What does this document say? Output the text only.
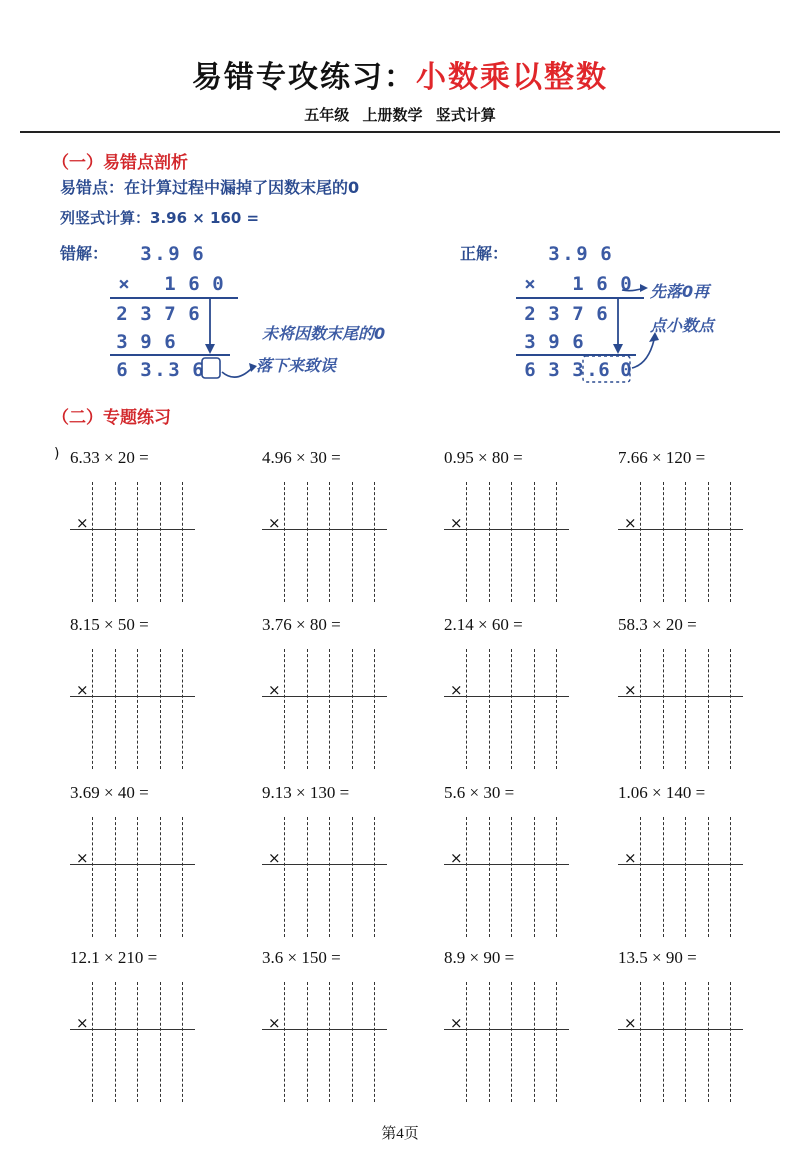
易错专攻练习：小数乘以整数
五年级 上册数学 竖式计算
（一）易错点剖析
易错点：在计算过程中漏掉了因数末尾的0
列竖式计算：3.96 × 160 =
错解：	3 . 9 6
×	1 6 0
2 3 7 6
3 9 6
6 3 . 3 6
未将因数末尾的0
落下来致误
正解：	3 . 9 6
×	1 6 0
2 3 7 6
3 9 6
6 3 3 . 6 0
先落0再
点小数点
（二）专题练习
) 6.33 × 20 =
×
4.96 × 30 =
×
0.95 × 80 =
×
7.66 × 120 =
×
8.15 × 50 =
×
3.76 × 80 =
×
2.14 × 60 =
×
58.3 × 20 =
×
3.69 × 40 =
×
9.13 × 130 =
×
5.6 × 30 =
×
1.06 × 140 =
×
12.1 × 210 =
×
3.6 × 150 =
×
8.9 × 90 =
×
13.5 × 90 =
×
第4页
